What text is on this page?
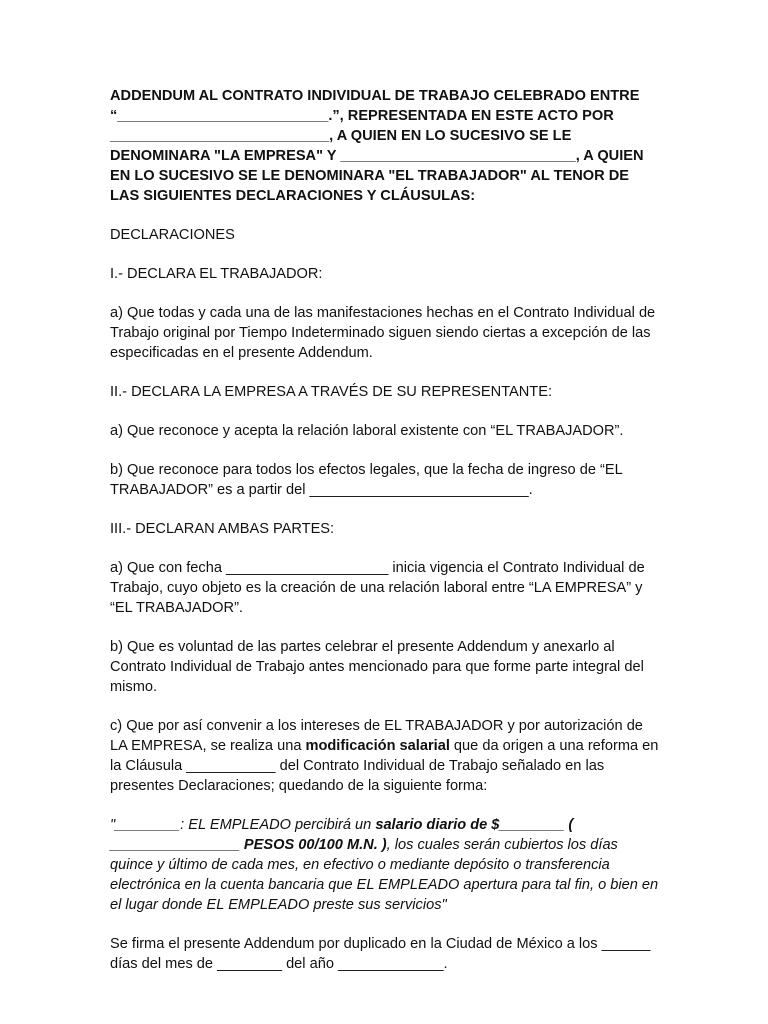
ADDENDUM AL CONTRATO INDIVIDUAL DE TRABAJO CELEBRADO ENTRE “__________________________.”, REPRESENTADA EN ESTE ACTO POR ___________________________, A QUIEN EN LO SUCESIVO SE LE DENOMINARA "LA EMPRESA" Y _____________________________, A QUIEN EN LO SUCESIVO SE LE DENOMINARA "EL TRABAJADOR" AL TENOR DE LAS SIGUIENTES DECLARACIONES Y CLÁUSULAS:

DECLARACIONES

I.- DECLARA EL TRABAJADOR:

a) Que todas y cada una de las manifestaciones hechas en el Contrato Individual de Trabajo original por Tiempo Indeterminado siguen siendo ciertas a excepción de las especificadas en el presente Addendum.

II.- DECLARA LA EMPRESA A TRAVÉS DE SU REPRESENTANTE:

a) Que reconoce y acepta la relación laboral existente con “EL TRABAJADOR”.

b) Que reconoce para todos los efectos legales, que la fecha de ingreso de “EL TRABAJADOR” es a partir del ___________________________.

III.- DECLARAN AMBAS PARTES:

a) Que con fecha ____________________ inicia vigencia el Contrato Individual de Trabajo, cuyo objeto es la creación de una relación laboral entre “LA EMPRESA” y “EL TRABAJADOR”.

b) Que es voluntad de las partes celebrar el presente Addendum y anexarlo al Contrato Individual de Trabajo antes mencionado para que forme parte integral del mismo.

c) Que por así convenir a los intereses de EL TRABAJADOR y por autorización de LA EMPRESA, se realiza una modificación salarial que da origen a una reforma en la Cláusula ___________ del Contrato Individual de Trabajo señalado en las presentes Declaraciones; quedando de la siguiente forma:

"________: EL EMPLEADO percibirá un salario diario de $________ ( ________________ PESOS 00/100 M.N. ), los cuales serán cubiertos los días quince y último de cada mes, en efectivo o mediante depósito o transferencia electrónica en la cuenta bancaria que EL EMPLEADO apertura para tal fin, o bien en el lugar donde EL EMPLEADO preste sus servicios"

Se firma el presente Addendum por duplicado en la Ciudad de México a los ______ días del mes de ________ del año _____________.
